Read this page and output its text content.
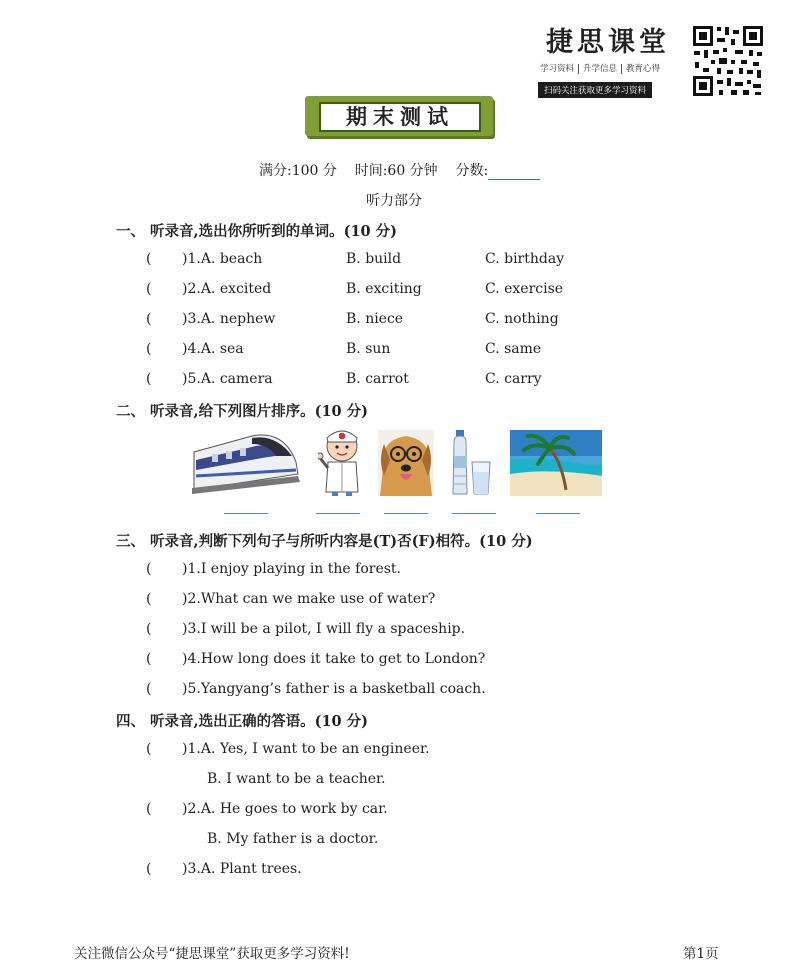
捷思课堂
学习资料 升学信息 教育心得
扫码关注获取更多学习资料
期末测试
满分:100 分 时间:60 分钟 分数:
听力部分
一、 听录音,选出你所听到的单词。(10 分)
( )1.A. beach	B. build	C. birthday
( )2.A. excited	B. exciting	C. exercise
( )3.A. nephew	B. niece	C. nothing
( )4.A. sea	B. sun	C. same
( )5.A. camera	B. carrot	C. carry
二、 听录音,给下列图片排序。(10 分)
三、 听录音,判断下列句子与所听内容是(T)否(F)相符。(10 分)
( )1.I enjoy playing in the forest.
( )2.What can we make use of water?
( )3.I will be a pilot, I will fly a spaceship.
( )4.How long does it take to get to London?
( )5.Yangyang’s father is a basketball coach.
四、 听录音,选出正确的答语。(10 分)
( )1.A. Yes, I want to be an engineer.
B. I want to be a teacher.
( )2.A. He goes to work by car.
B. My father is a doctor.
( )3.A. Plant trees.
关注微信公众号“捷思课堂”获取更多学习资料!	第1页
